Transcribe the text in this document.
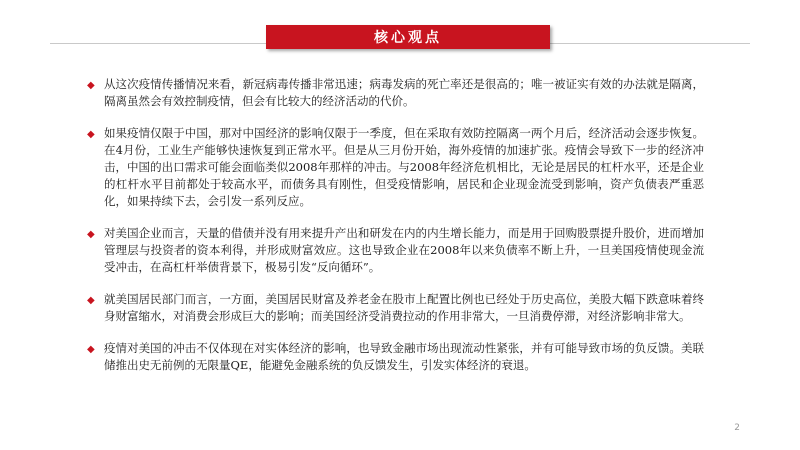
核心观点
◆ 从这次疫情传播情况来看，新冠病毒传播非常迅速；病毒发病的死亡率还是很高的；唯一被证实有效的办法就是隔离，隔离虽然会有效控制疫情，但会有比较大的经济活动的代价。
◆ 如果疫情仅限于中国，那对中国经济的影响仅限于一季度，但在采取有效防控隔离一两个月后，经济活动会逐步恢复。在4月份，工业生产能够快速恢复到正常水平。但是从三月份开始，海外疫情的加速扩张。疫情会导致下一步的经济冲击，中国的出口需求可能会面临类似2008年那样的冲击。与2008年经济危机相比，无论是居民的杠杆水平，还是企业的杠杆水平目前都处于较高水平，而债务具有刚性，但受疫情影响，居民和企业现金流受到影响，资产负债表严重恶化，如果持续下去，会引发一系列反应。
◆ 对美国企业而言，天量的借债并没有用来提升产出和研发在内的内生增长能力，而是用于回购股票提升股价，进而增加管理层与投资者的资本利得，并形成财富效应。这也导致企业在2008年以来负债率不断上升，一旦美国疫情使现金流受冲击，在高杠杆举债背景下，极易引发“反向循环”。
◆ 就美国居民部门而言，一方面，美国居民财富及养老金在股市上配置比例也已经处于历史高位，美股大幅下跌意味着终身财富缩水，对消费会形成巨大的影响；而美国经济受消费拉动的作用非常大，一旦消费停滞，对经济影响非常大。
◆ 疫情对美国的冲击不仅体现在对实体经济的影响，也导致金融市场出现流动性紧张，并有可能导致市场的负反馈。美联储推出史无前例的无限量QE，能避免金融系统的负反馈发生，引发实体经济的衰退。
2
